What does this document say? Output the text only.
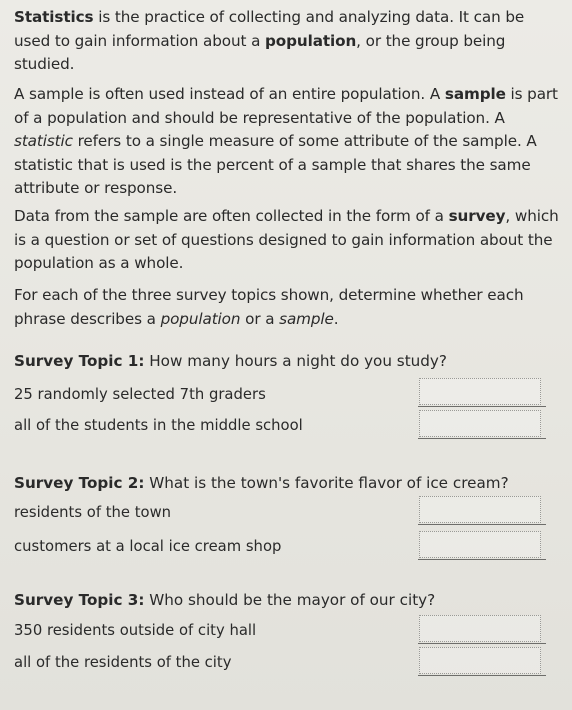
Statistics is the practice of collecting and analyzing data. It can be used to gain information about a population, or the group being studied.
A sample is often used instead of an entire population. A sample is part of a population and should be representative of the population. A statistic refers to a single measure of some attribute of the sample. A statistic that is used is the percent of a sample that shares the same attribute or response.
Data from the sample are often collected in the form of a survey, which is a question or set of questions designed to gain information about the population as a whole.
For each of the three survey topics shown, determine whether each phrase describes a population or a sample.
Survey Topic 1: How many hours a night do you study?
25 randomly selected 7th graders
all of the students in the middle school
Survey Topic 2: What is the town's favorite flavor of ice cream?
residents of the town
customers at a local ice cream shop
Survey Topic 3: Who should be the mayor of our city?
350 residents outside of city hall
all of the residents of the city
